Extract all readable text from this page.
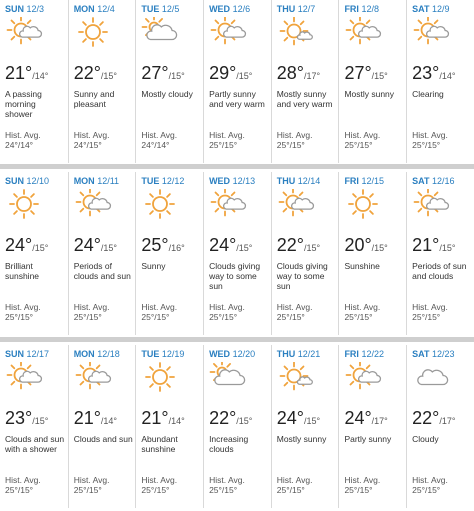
SUN 12/3
21°/14°
A passing morning shower
Hist. Avg.
24°/14°
MON 12/4
22°/15°
Sunny and pleasant
Hist. Avg.
24°/15°
TUE 12/5
27°/15°
Mostly cloudy
Hist. Avg.
24°/14°
WED 12/6
29°/15°
Partly sunny and very warm
Hist. Avg.
25°/15°
THU 12/7
28°/17°
Mostly sunny and very warm
Hist. Avg.
25°/15°
FRI 12/8
27°/15°
Mostly sunny
Hist. Avg.
25°/15°
SAT 12/9
23°/14°
Clearing
Hist. Avg.
25°/15°
SUN 12/10
24°/15°
Brilliant sunshine
Hist. Avg.
25°/15°
MON 12/11
24°/15°
Periods of clouds and sun
Hist. Avg.
25°/15°
TUE 12/12
25°/16°
Sunny
Hist. Avg.
25°/15°
WED 12/13
24°/15°
Clouds giving way to some sun
Hist. Avg.
25°/15°
THU 12/14
22°/15°
Clouds giving way to some sun
Hist. Avg.
25°/15°
FRI 12/15
20°/15°
Sunshine
Hist. Avg.
25°/15°
SAT 12/16
21°/15°
Periods of sun and clouds
Hist. Avg.
25°/15°
SUN 12/17
23°/15°
Clouds and sun with a shower
Hist. Avg.
25°/15°
MON 12/18
21°/14°
Clouds and sun
Hist. Avg.
25°/15°
TUE 12/19
21°/14°
Abundant sunshine
Hist. Avg.
25°/15°
WED 12/20
22°/15°
Increasing clouds
Hist. Avg.
25°/15°
THU 12/21
24°/15°
Mostly sunny
Hist. Avg.
25°/15°
FRI 12/22
24°/17°
Partly sunny
Hist. Avg.
25°/15°
SAT 12/23
22°/17°
Cloudy
Hist. Avg.
25°/15°
